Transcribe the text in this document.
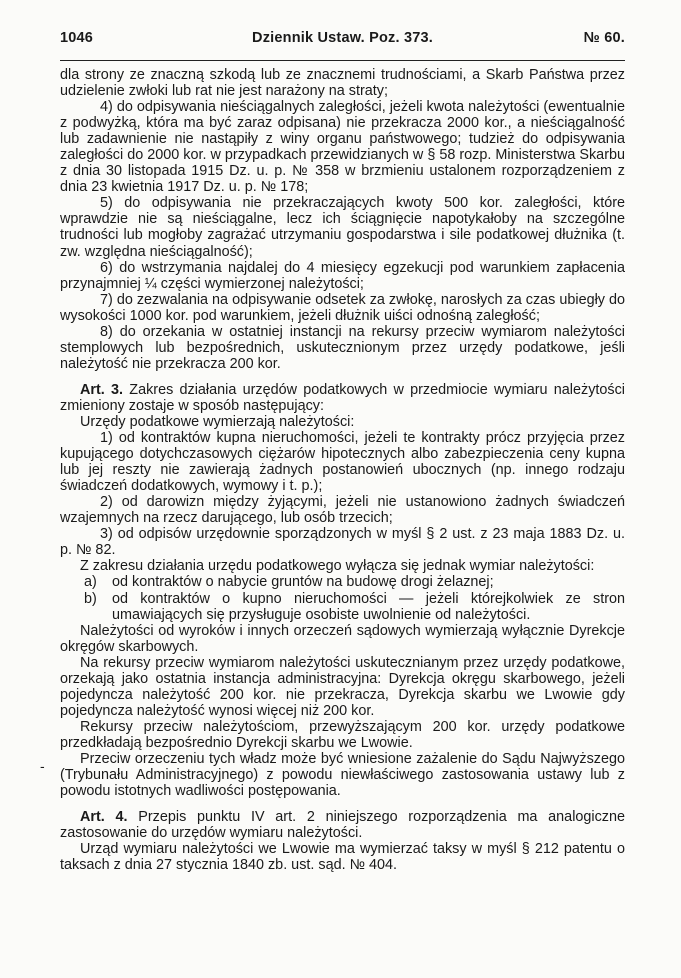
1046	Dziennik Ustaw. Poz. 373.	№ 60.

dla strony ze znaczną szkodą lub ze znacznemi trudnościami, a Skarb Państwa przez udzielenie zwłoki lub rat nie jest narażony na straty;

4) do odpisywania nieściągalnych zaległości, jeżeli kwota należytości (ewentualnie z podwyżką, która ma być zaraz odpisana) nie przekracza 2000 kor., a nieściągalność lub zadawnienie nie nastąpiły z winy organu państwowego; tudzież do odpisywania zaległości do 2000 kor. w przypadkach przewidzianych w § 58 rozp. Ministerstwa Skarbu z dnia 30 listopada 1915 Dz. u. p. № 358 w brzmieniu ustalonem rozporządzeniem z dnia 23 kwietnia 1917 Dz. u. p. № 178;

5) do odpisywania nie przekraczających kwoty 500 kor. zaległości, które wprawdzie nie są nieściągalne, lecz ich ściągnięcie napotykałoby na szczególne trudności lub mogłoby zagrażać utrzymaniu gospodarstwa i sile podatkowej dłużnika (t. zw. względna nieściągalność);

6) do wstrzymania najdalej do 4 miesięcy egzekucji pod warunkiem zapłacenia przynajmniej ¼ części wymierzonej należytości;

7) do zezwalania na odpisywanie odsetek za zwłokę, narosłych za czas ubiegły do wysokości 1000 kor. pod warunkiem, jeżeli dłużnik uiści odnośną zaległość;

8) do orzekania w ostatniej instancji na rekursy przeciw wymiarom należytości stemplowych lub bezpośrednich, uskutecznionym przez urzędy podatkowe, jeśli należytość nie przekracza 200 kor.

Art. 3. Zakres działania urzędów podatkowych w przedmiocie wymiaru należytości zmieniony zostaje w sposób następujący:

Urzędy podatkowe wymierzają należytości:

1) od kontraktów kupna nieruchomości, jeżeli te kontrakty prócz przyjęcia przez kupującego dotychczasowych ciężarów hipotecznych albo zabezpieczenia ceny kupna lub jej reszty nie zawierają żadnych postanowień ubocznych (np. innego rodzaju świadczeń dodatkowych, wymowy i t. p.);

2) od darowizn między żyjącymi, jeżeli nie ustanowiono żadnych świadczeń wzajemnych na rzecz darującego, lub osób trzecich;

3) od odpisów urzędownie sporządzonych w myśl § 2 ust. z 23 maja 1883 Dz. u. p. № 82.

Z zakresu działania urzędu podatkowego wyłącza się jednak wymiar należytości:

a)	od kontraktów o nabycie gruntów na budowę drogi żelaznej;
b)	od kontraktów o kupno nieruchomości — jeżeli którejkolwiek ze stron umawiających się przysługuje osobiste uwolnienie od należytości.

Należytości od wyroków i innych orzeczeń sądowych wymierzają wyłącznie Dyrekcje okręgów skarbowych.

Na rekursy przeciw wymiarom należytości uskutecznianym przez urzędy podatkowe, orzekają jako ostatnia instancja administracyjna: Dyrekcja okręgu skarbowego, jeżeli pojedyncza należytość 200 kor. nie przekracza, Dyrekcja skarbu we Lwowie gdy pojedyncza należytość wynosi więcej niż 200 kor.

Rekursy przeciw należytościom, przewyższającym 200 kor. urzędy podatkowe przedkładają bezpośrednio Dyrekcji skarbu we Lwowie.

Przeciw orzeczeniu tych władz może być wniesione zażalenie do Sądu Najwyższego (Trybunału Administracyjnego) z powodu niewłaściwego zastosowania ustawy lub z powodu istotnych wadliwości postępowania.

Art. 4. Przepis punktu IV art. 2 niniejszego rozporządzenia ma analogiczne zastosowanie do urzędów wymiaru należytości.

Urząd wymiaru należytości we Lwowie ma wymierzać taksy w myśl § 212 patentu o taksach z dnia 27 stycznia 1840 zb. ust. sąd. № 404.

-
